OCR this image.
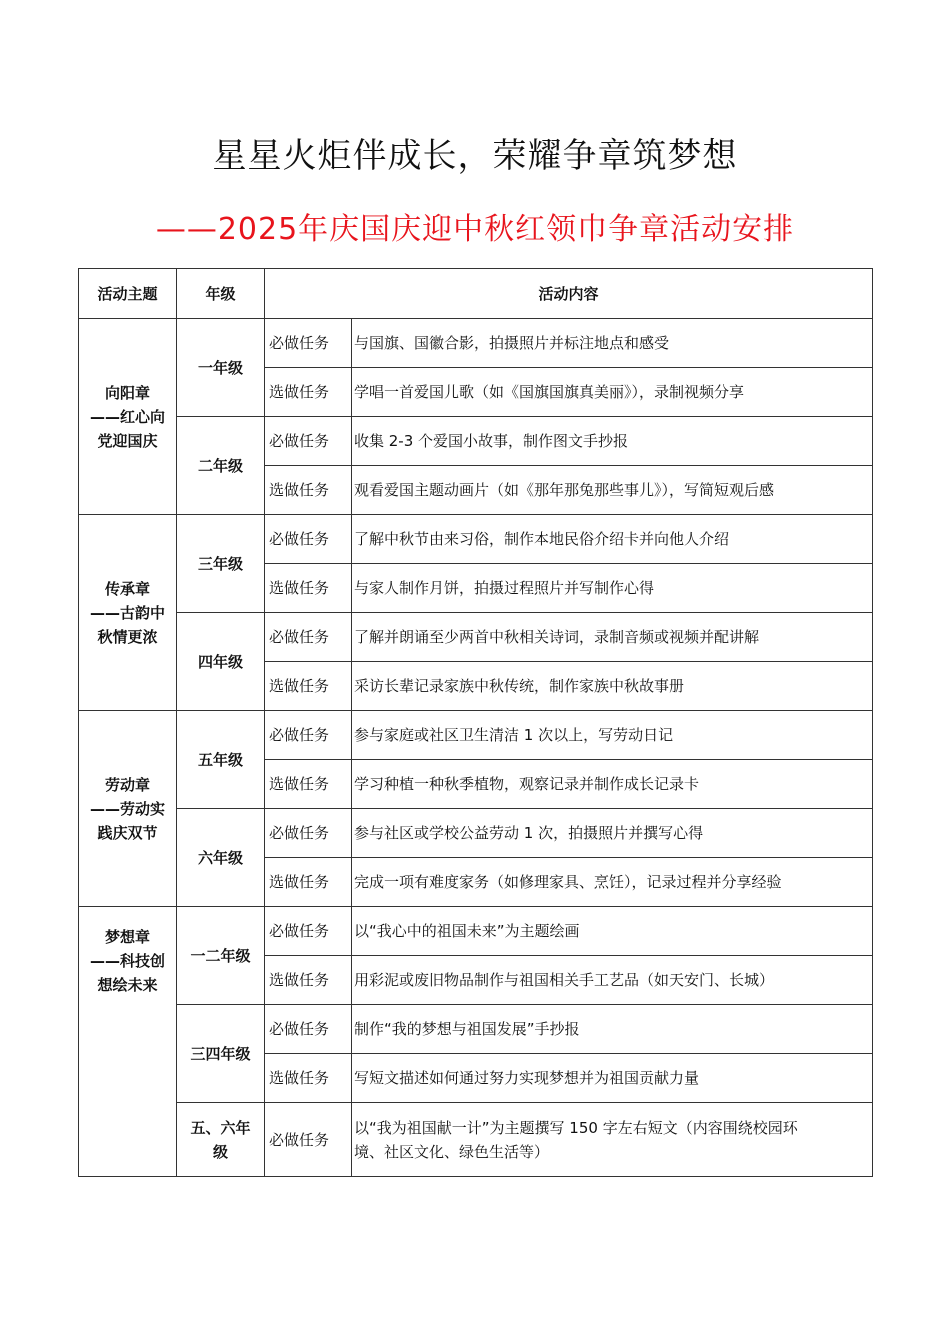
星星火炬伴成长，荣耀争章筑梦想
——2025年庆国庆迎中秋红领巾争章活动安排
活动主题	年级	活动内容	

向阳章
——红心向
党迎国庆	一年级	必做任务	与国旗、国徽合影，拍摄照片并标注地点和感受
		选做任务	学唱一首爱国儿歌（如《国旗国旗真美丽》），录制视频分享
	二年级	必做任务	收集 2-3 个爱国小故事，制作图文手抄报
		选做任务	观看爱国主题动画片（如《那年那兔那些事儿》），写简短观后感

传承章
——古韵中
秋情更浓	三年级	必做任务	了解中秋节由来习俗，制作本地民俗介绍卡并向他人介绍
		选做任务	与家人制作月饼，拍摄过程照片并写制作心得
	四年级	必做任务	了解并朗诵至少两首中秋相关诗词，录制音频或视频并配讲解
		选做任务	采访长辈记录家族中秋传统，制作家族中秋故事册

劳动章
——劳动实
践庆双节	五年级	必做任务	参与家庭或社区卫生清洁 1 次以上，写劳动日记
		选做任务	学习种植一种秋季植物，观察记录并制作成长记录卡
	六年级	必做任务	参与社区或学校公益劳动 1 次，拍摄照片并撰写心得
		选做任务	完成一项有难度家务（如修理家具、烹饪），记录过程并分享经验

梦想章
——科技创
想绘未来	一二年级	必做任务	以“我心中的祖国未来”为主题绘画
		选做任务	用彩泥或废旧物品制作与祖国相关手工艺品（如天安门、长城）
	三四年级	必做任务	制作“我的梦想与祖国发展”手抄报
		选做任务	写短文描述如何通过努力实现梦想并为祖国贡献力量

	五、六年
级	必做任务	以“我为祖国献一计”为主题撰写 150 字左右短文（内容围绕校园环
境、社区文化、绿色生活等）
